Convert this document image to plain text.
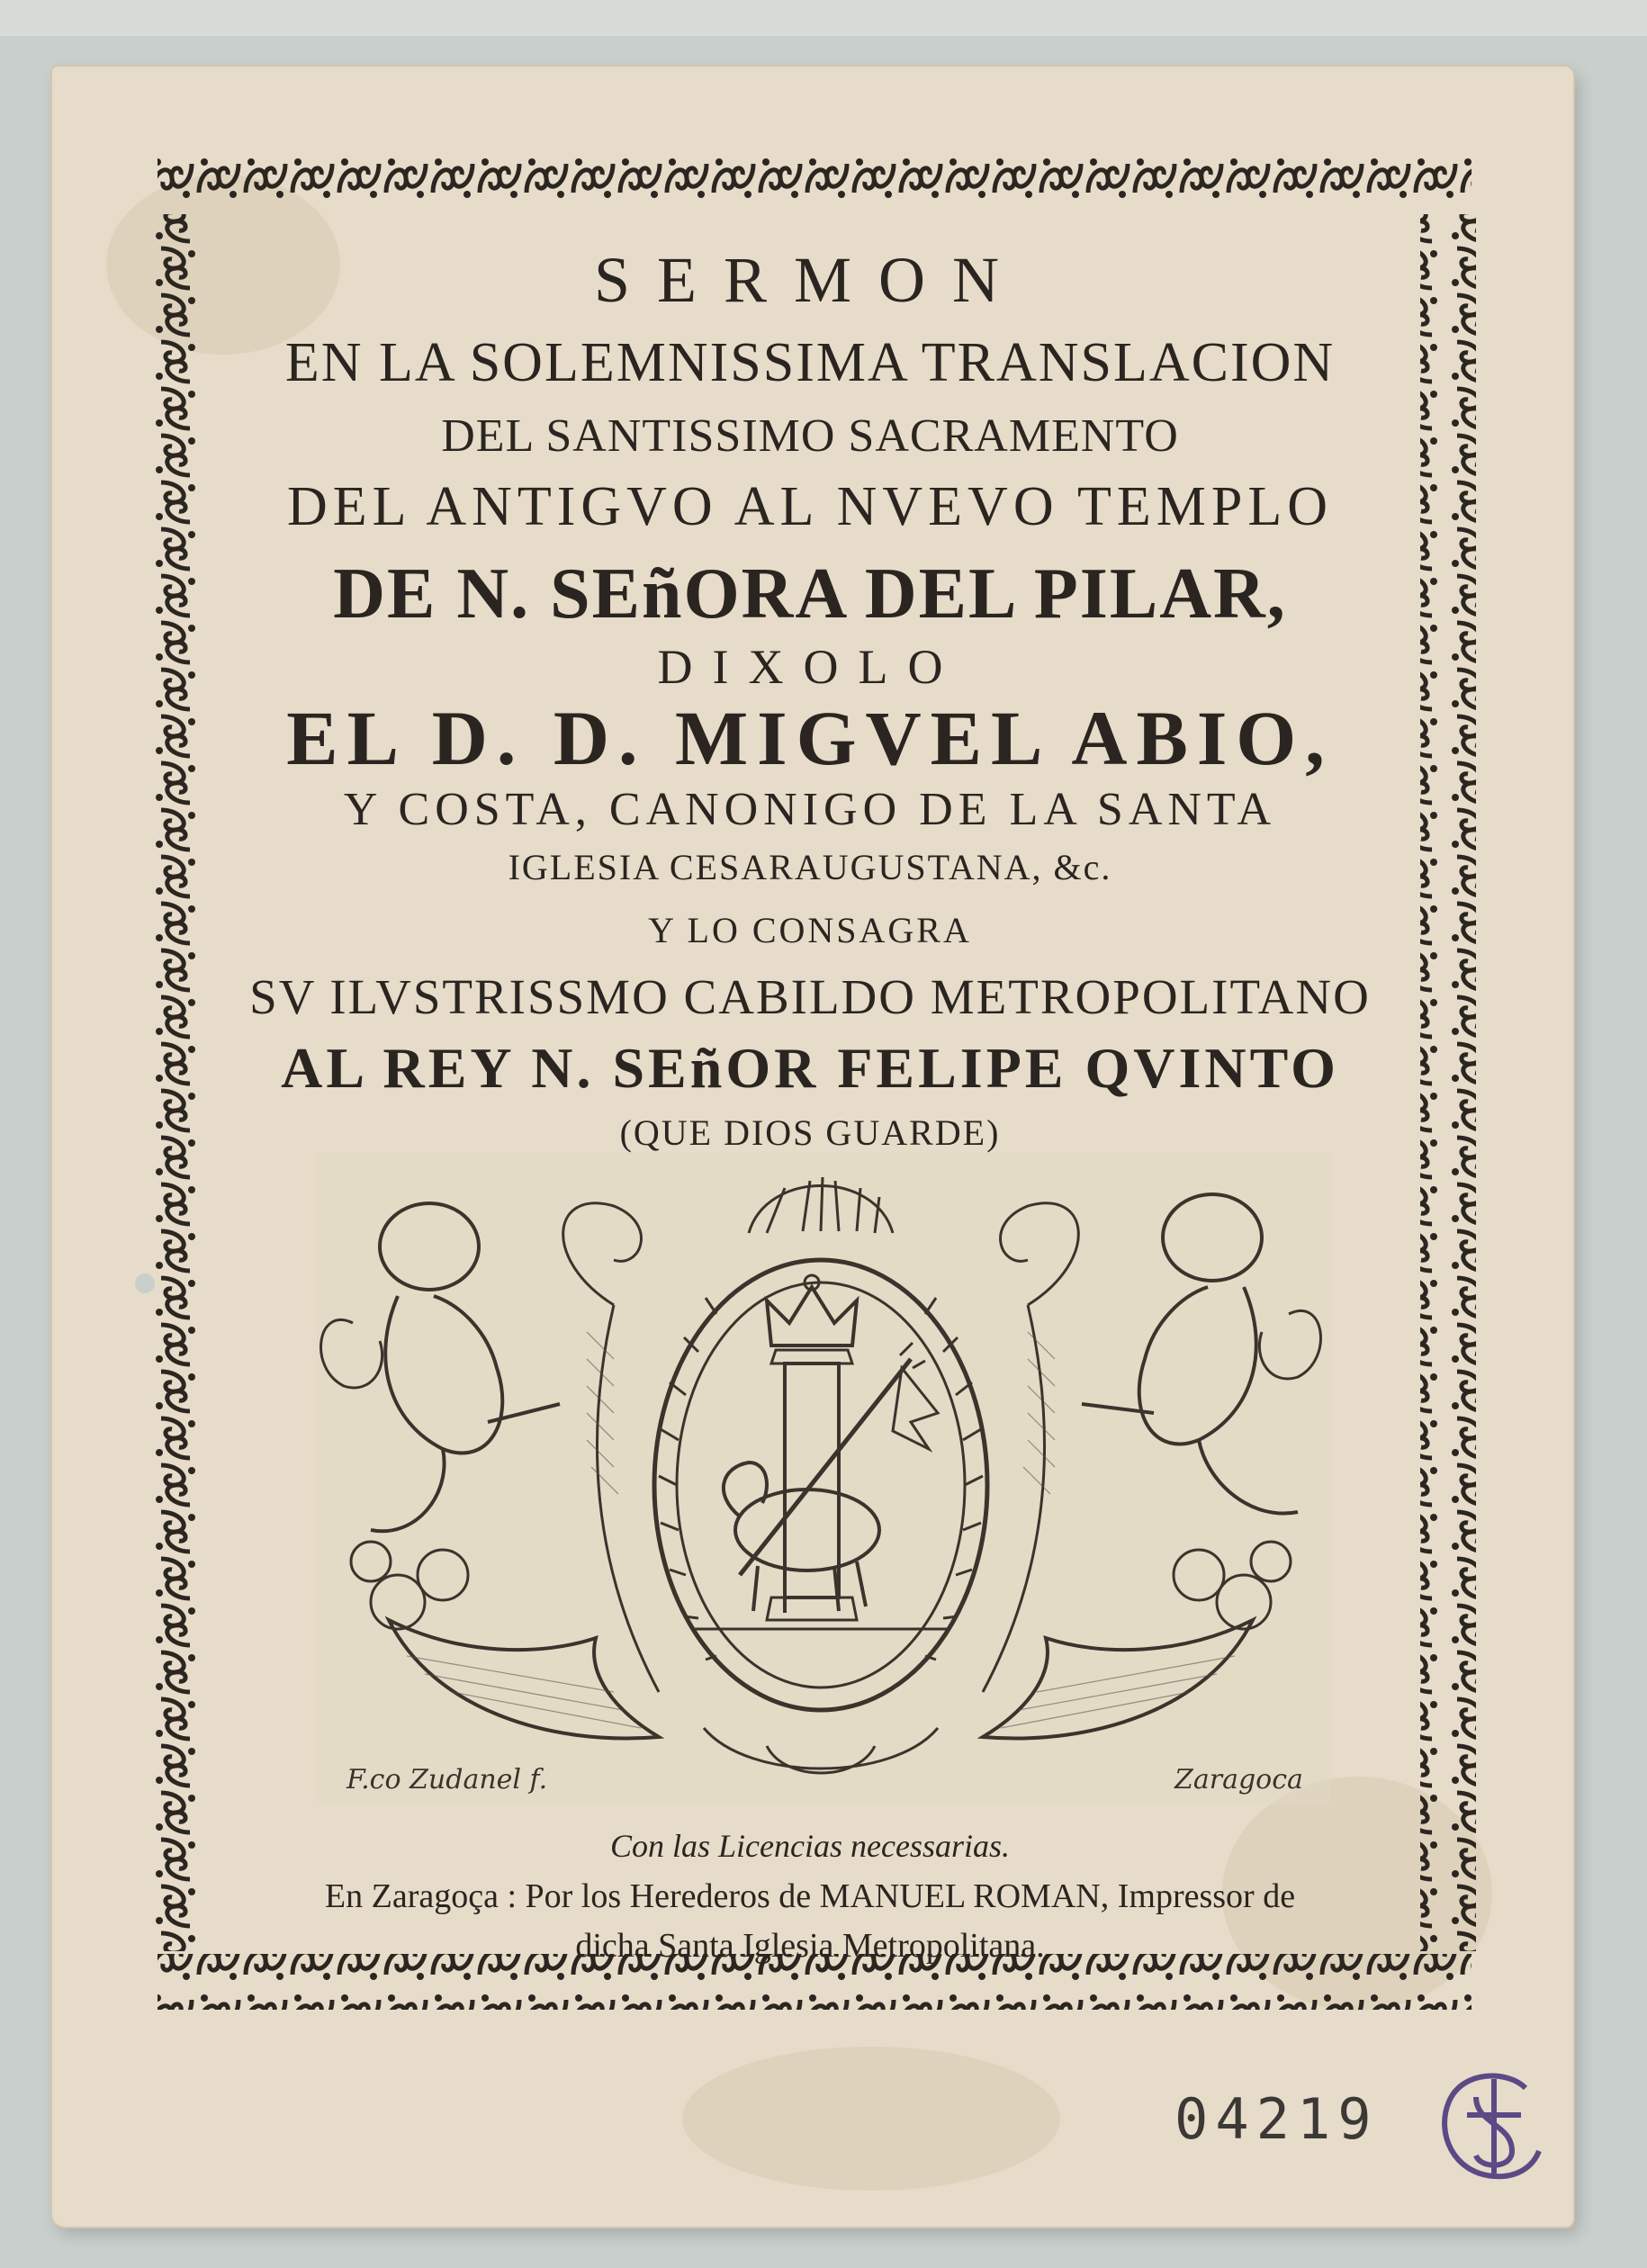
SERMON
EN LA SOLEMNISSIMA TRANSLACION
DEL SANTISSIMO SACRAMENTO
DEL ANTIGVO AL NVEVO TEMPLO
DE N. SEñORA DEL PILAR,
DIXOLO
EL D. D. MIGVEL ABIO,
Y COSTA, CANONIGO DE LA SANTA
IGLESIA CESARAUGUSTANA, &c.
Y LO CONSAGRA
SV ILVSTRISSMO CABILDO METROPOLITANO
AL REY N. SEñOR FELIPE QVINTO
(QUE DIOS GUARDE)
F.co Zudanel f.	Zaragoca
Con las Licencias necessarias.
En Zaragoça : Por los Herederos de MANUEL ROMAN, Impressor de
dicha Santa Iglesia Metropolitana.
04219
